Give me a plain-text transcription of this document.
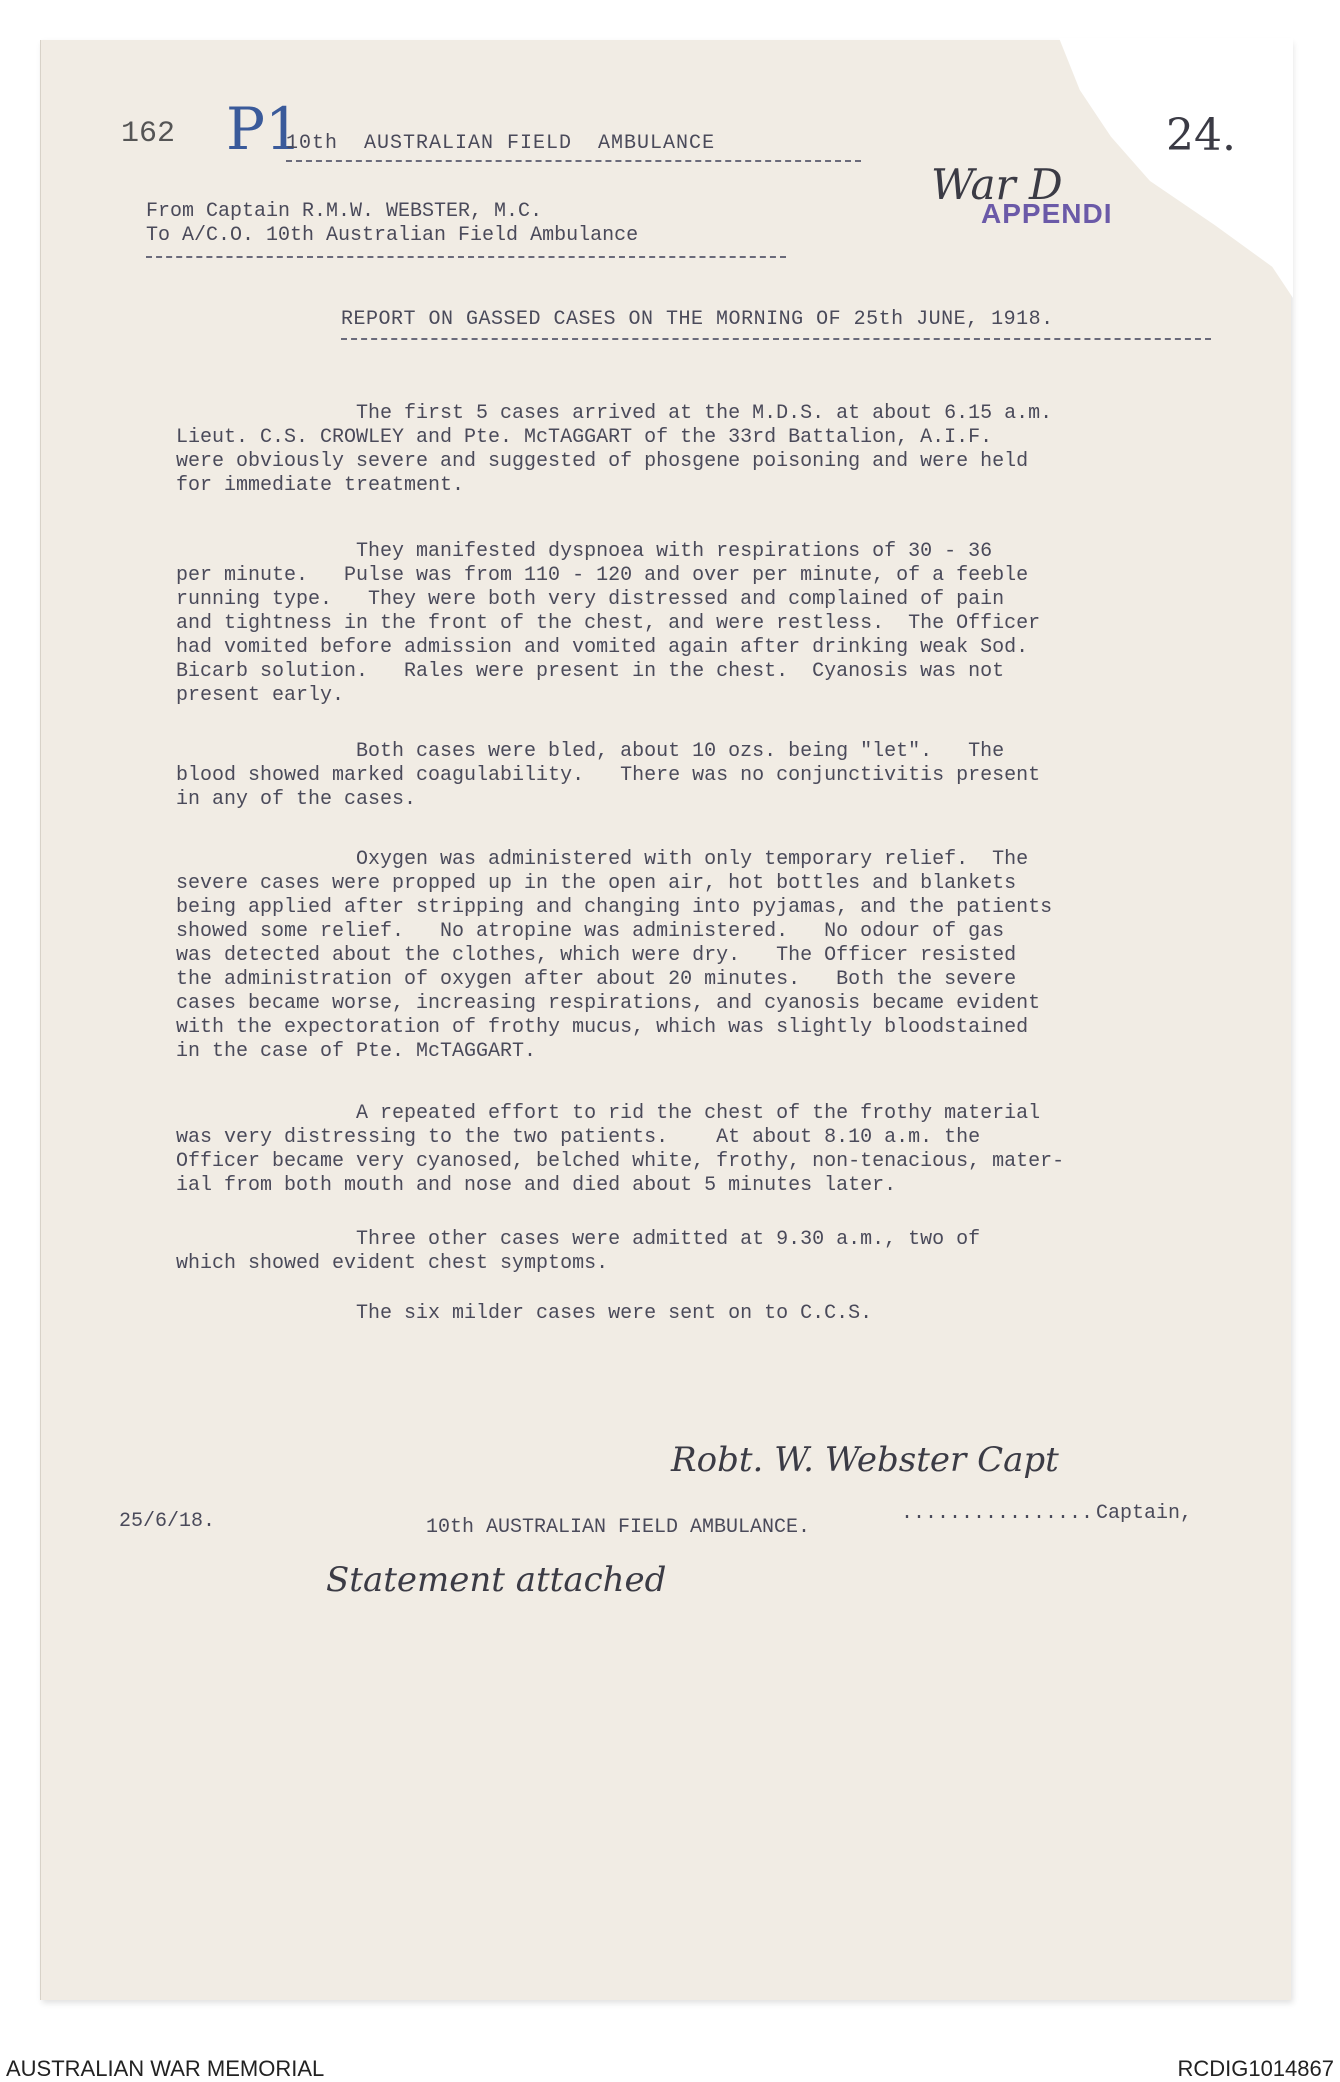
162 P1
10th  AUSTRALIAN FIELD  AMBULANCE
War D
APPENDI
24.
From Captain R.M.W. WEBSTER, M.C.
To A/C.O. 10th Australian Field Ambulance
REPORT ON GASSED CASES ON THE MORNING OF 25th JUNE, 1918.
The first 5 cases arrived at the M.D.S. at about 6.15 a.m.
Lieut. C.S. CROWLEY and Pte. McTAGGART of the 33rd Battalion, A.I.F.
were obviously severe and suggested of phosgene poisoning and were held
for immediate treatment.
They manifested dyspnoea with respirations of 30 - 36
per minute.   Pulse was from 110 - 120 and over per minute, of a feeble
running type.   They were both very distressed and complained of pain
and tightness in the front of the chest, and were restless.  The Officer
had vomited before admission and vomited again after drinking weak Sod.
Bicarb solution.   Rales were present in the chest.  Cyanosis was not
present early.
Both cases were bled, about 10 ozs. being "let".   The
blood showed marked coagulability.   There was no conjunctivitis present
in any of the cases.
Oxygen was administered with only temporary relief.  The
severe cases were propped up in the open air, hot bottles and blankets
being applied after stripping and changing into pyjamas, and the patients
showed some relief.   No atropine was administered.   No odour of gas
was detected about the clothes, which were dry.   The Officer resisted
the administration of oxygen after about 20 minutes.   Both the severe
cases became worse, increasing respirations, and cyanosis became evident
with the expectoration of frothy mucus, which was slightly bloodstained
in the case of Pte. McTAGGART.
A repeated effort to rid the chest of the frothy material
was very distressing to the two patients.    At about 8.10 a.m. the
Officer became very cyanosed, belched white, frothy, non-tenacious, mater-
ial from both mouth and nose and died about 5 minutes later.
Three other cases were admitted at 9.30 a.m., two of
which showed evident chest symptoms.
The six milder cases were sent on to C.C.S.
Robt. W. Webster Capt
25/6/18.	10th AUSTRALIAN FIELD AMBULANCE.
................ Captain,
Statement attached
AUSTRALIAN WAR MEMORIAL	RCDIG1014867
